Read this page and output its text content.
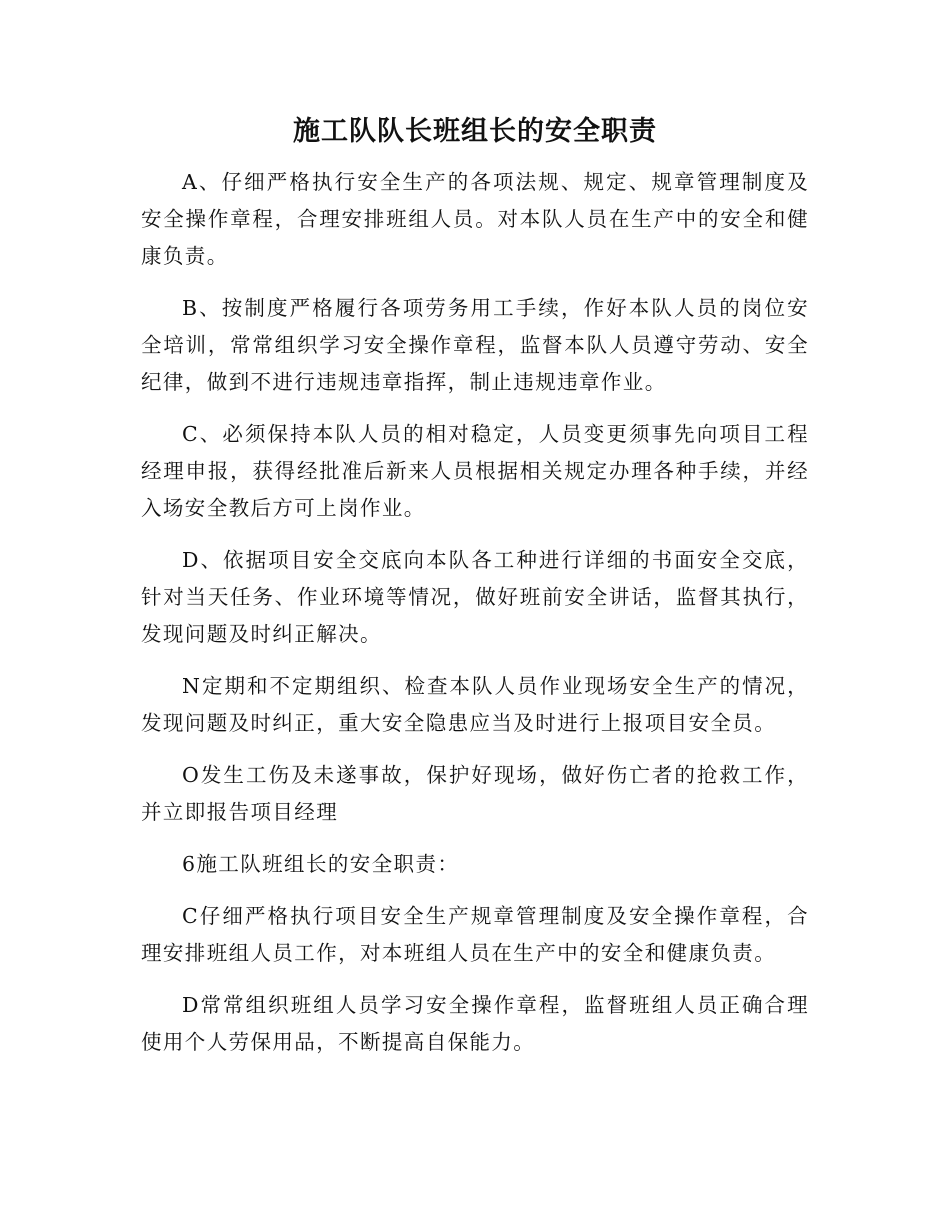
施工队队长班组长的安全职责

A、仔细严格执行安全生产的各项法规、规定、规章管理制度及安全操作章程，合理安排班组人员。对本队人员在生产中的安全和健康负责。

B、按制度严格履行各项劳务用工手续，作好本队人员的岗位安全培训，常常组织学习安全操作章程，监督本队人员遵守劳动、安全纪律，做到不进行违规违章指挥，制止违规违章作业。

C、必须保持本队人员的相对稳定，人员变更须事先向项目工程经理申报，获得经批准后新来人员根据相关规定办理各种手续，并经入场安全教后方可上岗作业。

D、依据项目安全交底向本队各工种进行详细的书面安全交底，针对当天任务、作业环境等情况，做好班前安全讲话，监督其执行，发现问题及时纠正解决。

N定期和不定期组织、检查本队人员作业现场安全生产的情况，发现问题及时纠正，重大安全隐患应当及时进行上报项目安全员。

O发生工伤及未遂事故，保护好现场，做好伤亡者的抢救工作，并立即报告项目经理

6施工队班组长的安全职责：

C仔细严格执行项目安全生产规章管理制度及安全操作章程，合理安排班组人员工作，对本班组人员在生产中的安全和健康负责。

D常常组织班组人员学习安全操作章程，监督班组人员正确合理使用个人劳保用品，不断提高自保能力。
